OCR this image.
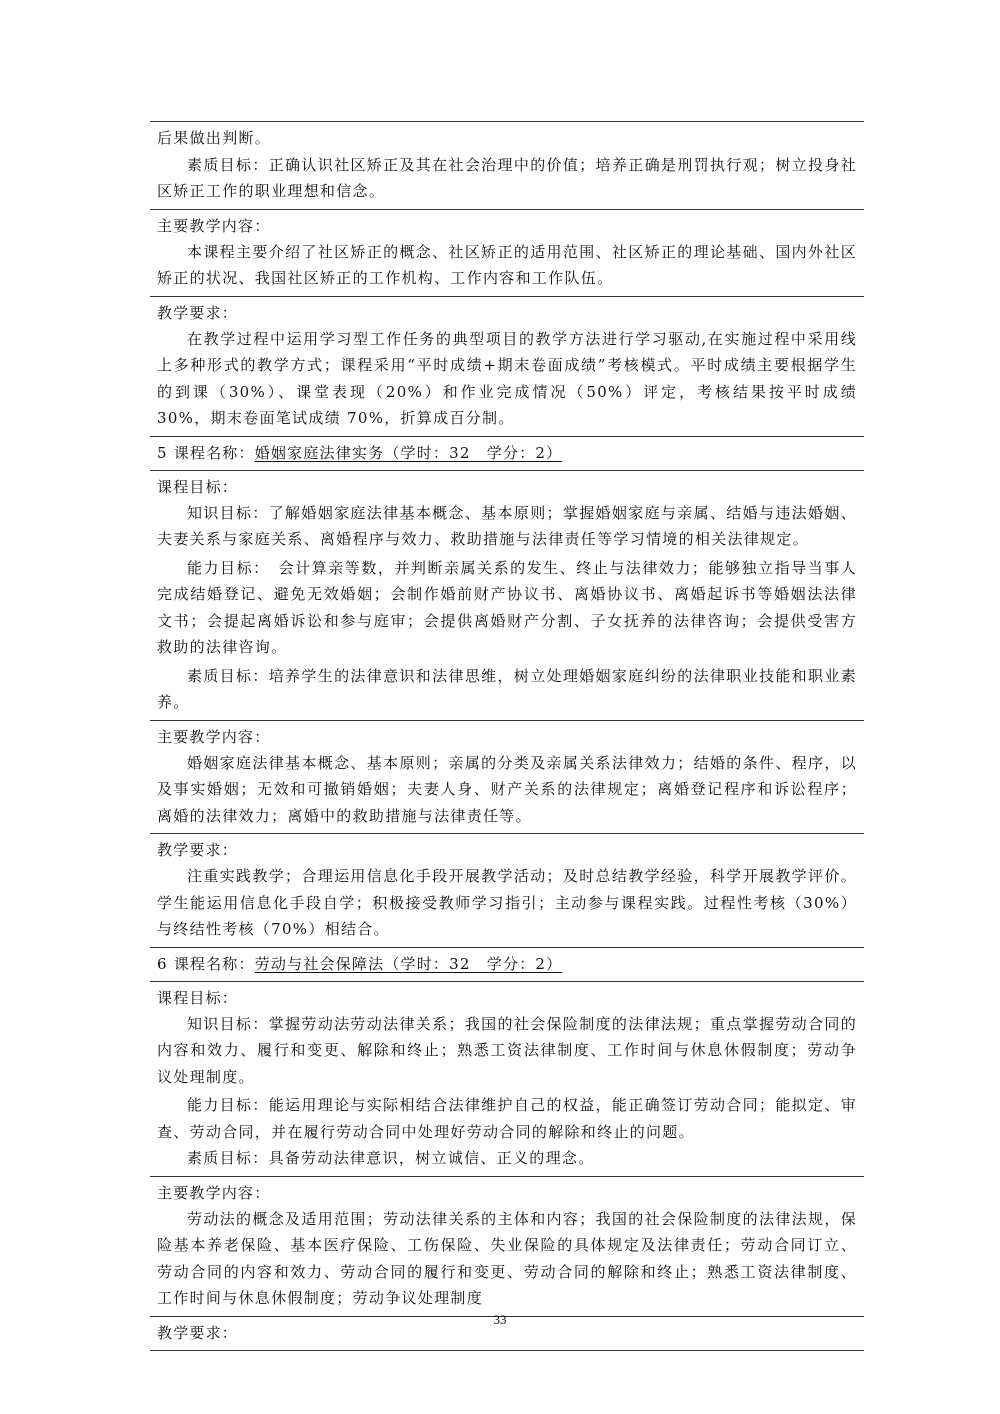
后果做出判断。

素质目标：正确认识社区矫正及其在社会治理中的价值；培养正确是刑罚执行观；树立投身社区矫正工作的职业理想和信念。

主要教学内容：

本课程主要介绍了社区矫正的概念、社区矫正的适用范围、社区矫正的理论基础、国内外社区矫正的状况、我国社区矫正的工作机构、工作内容和工作队伍。

教学要求：

在教学过程中运用学习型工作任务的典型项目的教学方法进行学习驱动,在实施过程中采用线上多种形式的教学方式；课程采用“平时成绩+期末卷面成绩”考核模式。平时成绩主要根据学生的到课（30%）、课堂表现（20%）和作业完成情况（50%）评定，考核结果按平时成绩 30%，期末卷面笔试成绩 70%，折算成百分制。

5 课程名称：婚姻家庭法律实务（学时：32　学分：2）
课程目标：

知识目标：了解婚姻家庭法律基本概念、基本原则；掌握婚姻家庭与亲属、结婚与违法婚姻、夫妻关系与家庭关系、离婚程序与效力、救助措施与法律责任等学习情境的相关法律规定。

能力目标：　会计算亲等数，并判断亲属关系的发生、终止与法律效力；能够独立指导当事人完成结婚登记、避免无效婚姻；会制作婚前财产协议书、离婚协议书、离婚起诉书等婚姻法法律文书；会提起离婚诉讼和参与庭审；会提供离婚财产分割、子女抚养的法律咨询；会提供受害方救助的法律咨询。

素质目标：培养学生的法律意识和法律思维，树立处理婚姻家庭纠纷的法律职业技能和职业素养。

主要教学内容：

婚姻家庭法律基本概念、基本原则；亲属的分类及亲属关系法律效力；结婚的条件、程序，以及事实婚姻；无效和可撤销婚姻；夫妻人身、财产关系的法律规定；离婚登记程序和诉讼程序；离婚的法律效力；离婚中的救助措施与法律责任等。

教学要求：

注重实践教学；合理运用信息化手段开展教学活动；及时总结教学经验，科学开展教学评价。学生能运用信息化手段自学；积极接受教师学习指引；主动参与课程实践。过程性考核（30%）与终结性考核（70%）相结合。

6 课程名称：劳动与社会保障法（学时：32　学分：2）
课程目标：

知识目标：掌握劳动法劳动法律关系；我国的社会保险制度的法律法规；重点掌握劳动合同的内容和效力、履行和变更、解除和终止；熟悉工资法律制度、工作时间与休息休假制度；劳动争议处理制度。

能力目标：能运用理论与实际相结合法律维护自己的权益，能正确签订劳动合同；能拟定、审查、劳动合同，并在履行劳动合同中处理好劳动合同的解除和终止的问题。

素质目标：具备劳动法律意识，树立诚信、正义的理念。

主要教学内容：

劳动法的概念及适用范围；劳动法律关系的主体和内容；我国的社会保险制度的法律法规，保险基本养老保险、基本医疗保险、工伤保险、失业保险的具体规定及法律责任；劳动合同订立、劳动合同的内容和效力、劳动合同的履行和变更、劳动合同的解除和终止；熟悉工资法律制度、工作时间与休息休假制度；劳动争议处理制度

教学要求：
33
